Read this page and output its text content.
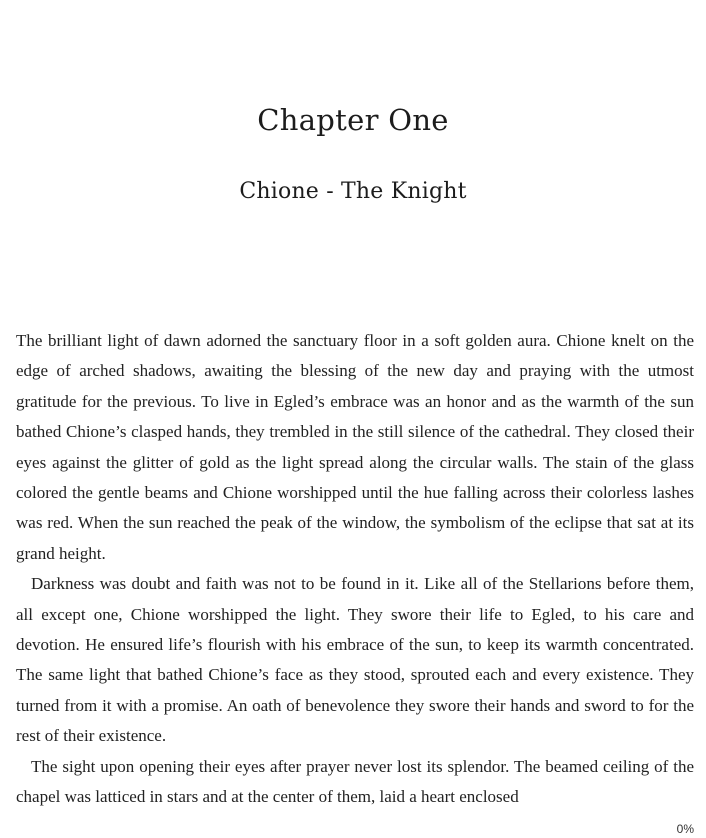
Chapter One
Chione - The Knight

The brilliant light of dawn adorned the sanctuary floor in a soft golden aura. Chione knelt on the edge of arched shadows, awaiting the blessing of the new day and praying with the utmost gratitude for the previous. To live in Egled’s embrace was an honor and as the warmth of the sun bathed Chione’s clasped hands, they trembled in the still silence of the cathedral. They closed their eyes against the glitter of gold as the light spread along the circular walls. The stain of the glass colored the gentle beams and Chione worshipped until the hue falling across their colorless lashes was red. When the sun reached the peak of the window, the symbolism of the eclipse that sat at its grand height.

Darkness was doubt and faith was not to be found in it. Like all of the Stellarions before them, all except one, Chione worshipped the light. They swore their life to Egled, to his care and devotion. He ensured life’s flourish with his embrace of the sun, to keep its warmth concentrated. The same light that bathed Chione’s face as they stood, sprouted each and every existence. They turned from it with a promise. An oath of benevolence they swore their hands and sword to for the rest of their existence.

The sight upon opening their eyes after prayer never lost its splendor. The beamed ceiling of the chapel was latticed in stars and at the center of them, laid a heart enclosed

0%
